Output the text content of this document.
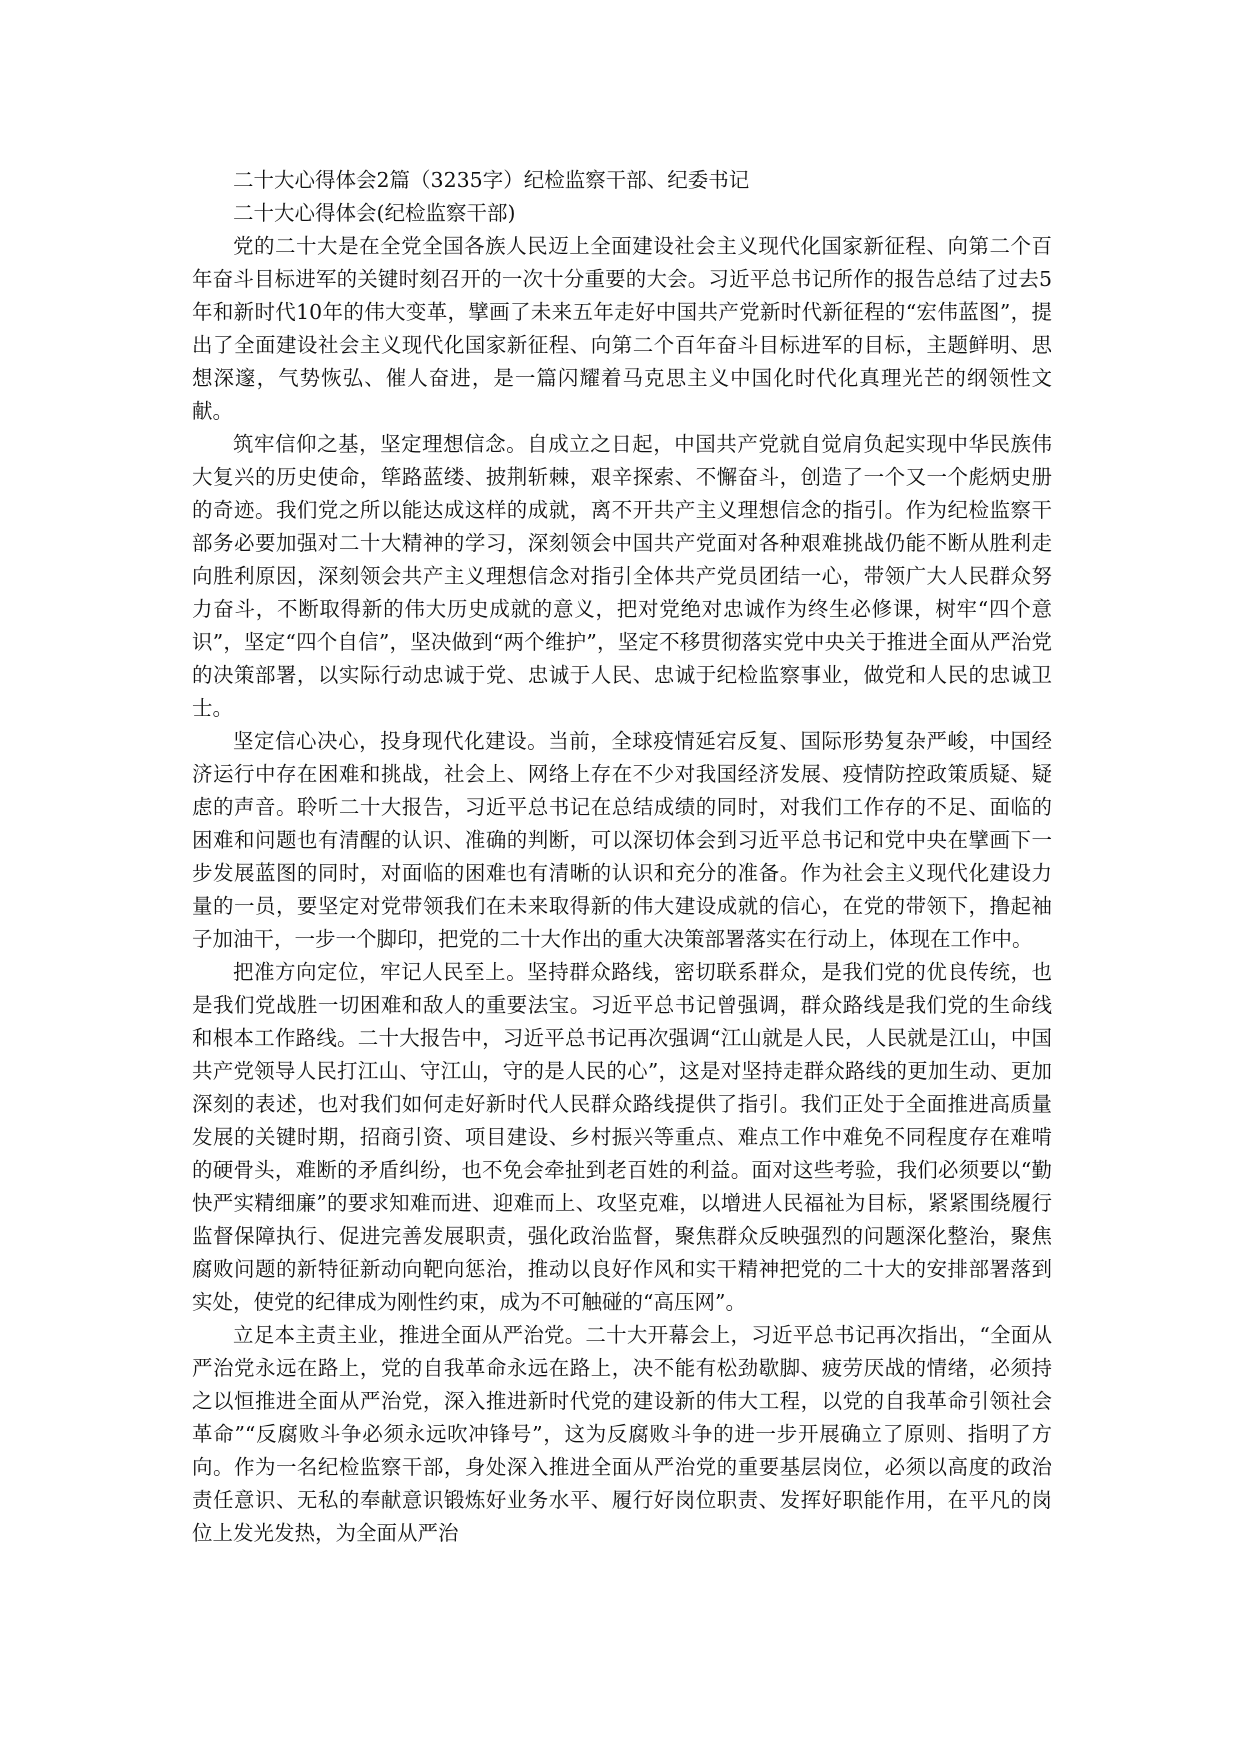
二十大心得体会2篇（3235字）纪检监察干部、纪委书记

二十大心得体会(纪检监察干部)

党的二十大是在全党全国各族人民迈上全面建设社会主义现代化国家新征程、向第二个百年奋斗目标进军的关键时刻召开的一次十分重要的大会。习近平总书记所作的报告总结了过去5年和新时代10年的伟大变革，擘画了未来五年走好中国共产党新时代新征程的“宏伟蓝图”，提出了全面建设社会主义现代化国家新征程、向第二个百年奋斗目标进军的目标，主题鲜明、思想深邃，气势恢弘、催人奋进，是一篇闪耀着马克思主义中国化时代化真理光芒的纲领性文献。

筑牢信仰之基，坚定理想信念。自成立之日起，中国共产党就自觉肩负起实现中华民族伟大复兴的历史使命，筚路蓝缕、披荆斩棘，艰辛探索、不懈奋斗，创造了一个又一个彪炳史册的奇迹。我们党之所以能达成这样的成就，离不开共产主义理想信念的指引。作为纪检监察干部务必要加强对二十大精神的学习，深刻领会中国共产党面对各种艰难挑战仍能不断从胜利走向胜利原因，深刻领会共产主义理想信念对指引全体共产党员团结一心，带领广大人民群众努力奋斗，不断取得新的伟大历史成就的意义，把对党绝对忠诚作为终生必修课，树牢“四个意识”，坚定“四个自信”，坚决做到“两个维护”，坚定不移贯彻落实党中央关于推进全面从严治党的决策部署，以实际行动忠诚于党、忠诚于人民、忠诚于纪检监察事业，做党和人民的忠诚卫士。

坚定信心决心，投身现代化建设。当前，全球疫情延宕反复、国际形势复杂严峻，中国经济运行中存在困难和挑战，社会上、网络上存在不少对我国经济发展、疫情防控政策质疑、疑虑的声音。聆听二十大报告，习近平总书记在总结成绩的同时，对我们工作存的不足、面临的困难和问题也有清醒的认识、准确的判断，可以深切体会到习近平总书记和党中央在擘画下一步发展蓝图的同时，对面临的困难也有清晰的认识和充分的准备。作为社会主义现代化建设力量的一员，要坚定对党带领我们在未来取得新的伟大建设成就的信心，在党的带领下，撸起袖子加油干，一步一个脚印，把党的二十大作出的重大决策部署落实在行动上，体现在工作中。

把准方向定位，牢记人民至上。坚持群众路线，密切联系群众，是我们党的优良传统，也是我们党战胜一切困难和敌人的重要法宝。习近平总书记曾强调，群众路线是我们党的生命线和根本工作路线。二十大报告中，习近平总书记再次强调“江山就是人民，人民就是江山，中国共产党领导人民打江山、守江山，守的是人民的心”，这是对坚持走群众路线的更加生动、更加深刻的表述，也对我们如何走好新时代人民群众路线提供了指引。我们正处于全面推进高质量发展的关键时期，招商引资、项目建设、乡村振兴等重点、难点工作中难免不同程度存在难啃的硬骨头，难断的矛盾纠纷，也不免会牵扯到老百姓的利益。面对这些考验，我们必须要以“勤快严实精细廉”的要求知难而进、迎难而上、攻坚克难，以增进人民福祉为目标，紧紧围绕履行监督保障执行、促进完善发展职责，强化政治监督，聚焦群众反映强烈的问题深化整治，聚焦腐败问题的新特征新动向靶向惩治，推动以良好作风和实干精神把党的二十大的安排部署落到实处，使党的纪律成为刚性约束，成为不可触碰的“高压网”。

立足本主责主业，推进全面从严治党。二十大开幕会上，习近平总书记再次指出，“全面从严治党永远在路上，党的自我革命永远在路上，决不能有松劲歇脚、疲劳厌战的情绪，必须持之以恒推进全面从严治党，深入推进新时代党的建设新的伟大工程，以党的自我革命引领社会革命”“反腐败斗争必须永远吹冲锋号”，这为反腐败斗争的进一步开展确立了原则、指明了方向。作为一名纪检监察干部，身处深入推进全面从严治党的重要基层岗位，必须以高度的政治责任意识、无私的奉献意识锻炼好业务水平、履行好岗位职责、发挥好职能作用，在平凡的岗位上发光发热，为全面从严治
